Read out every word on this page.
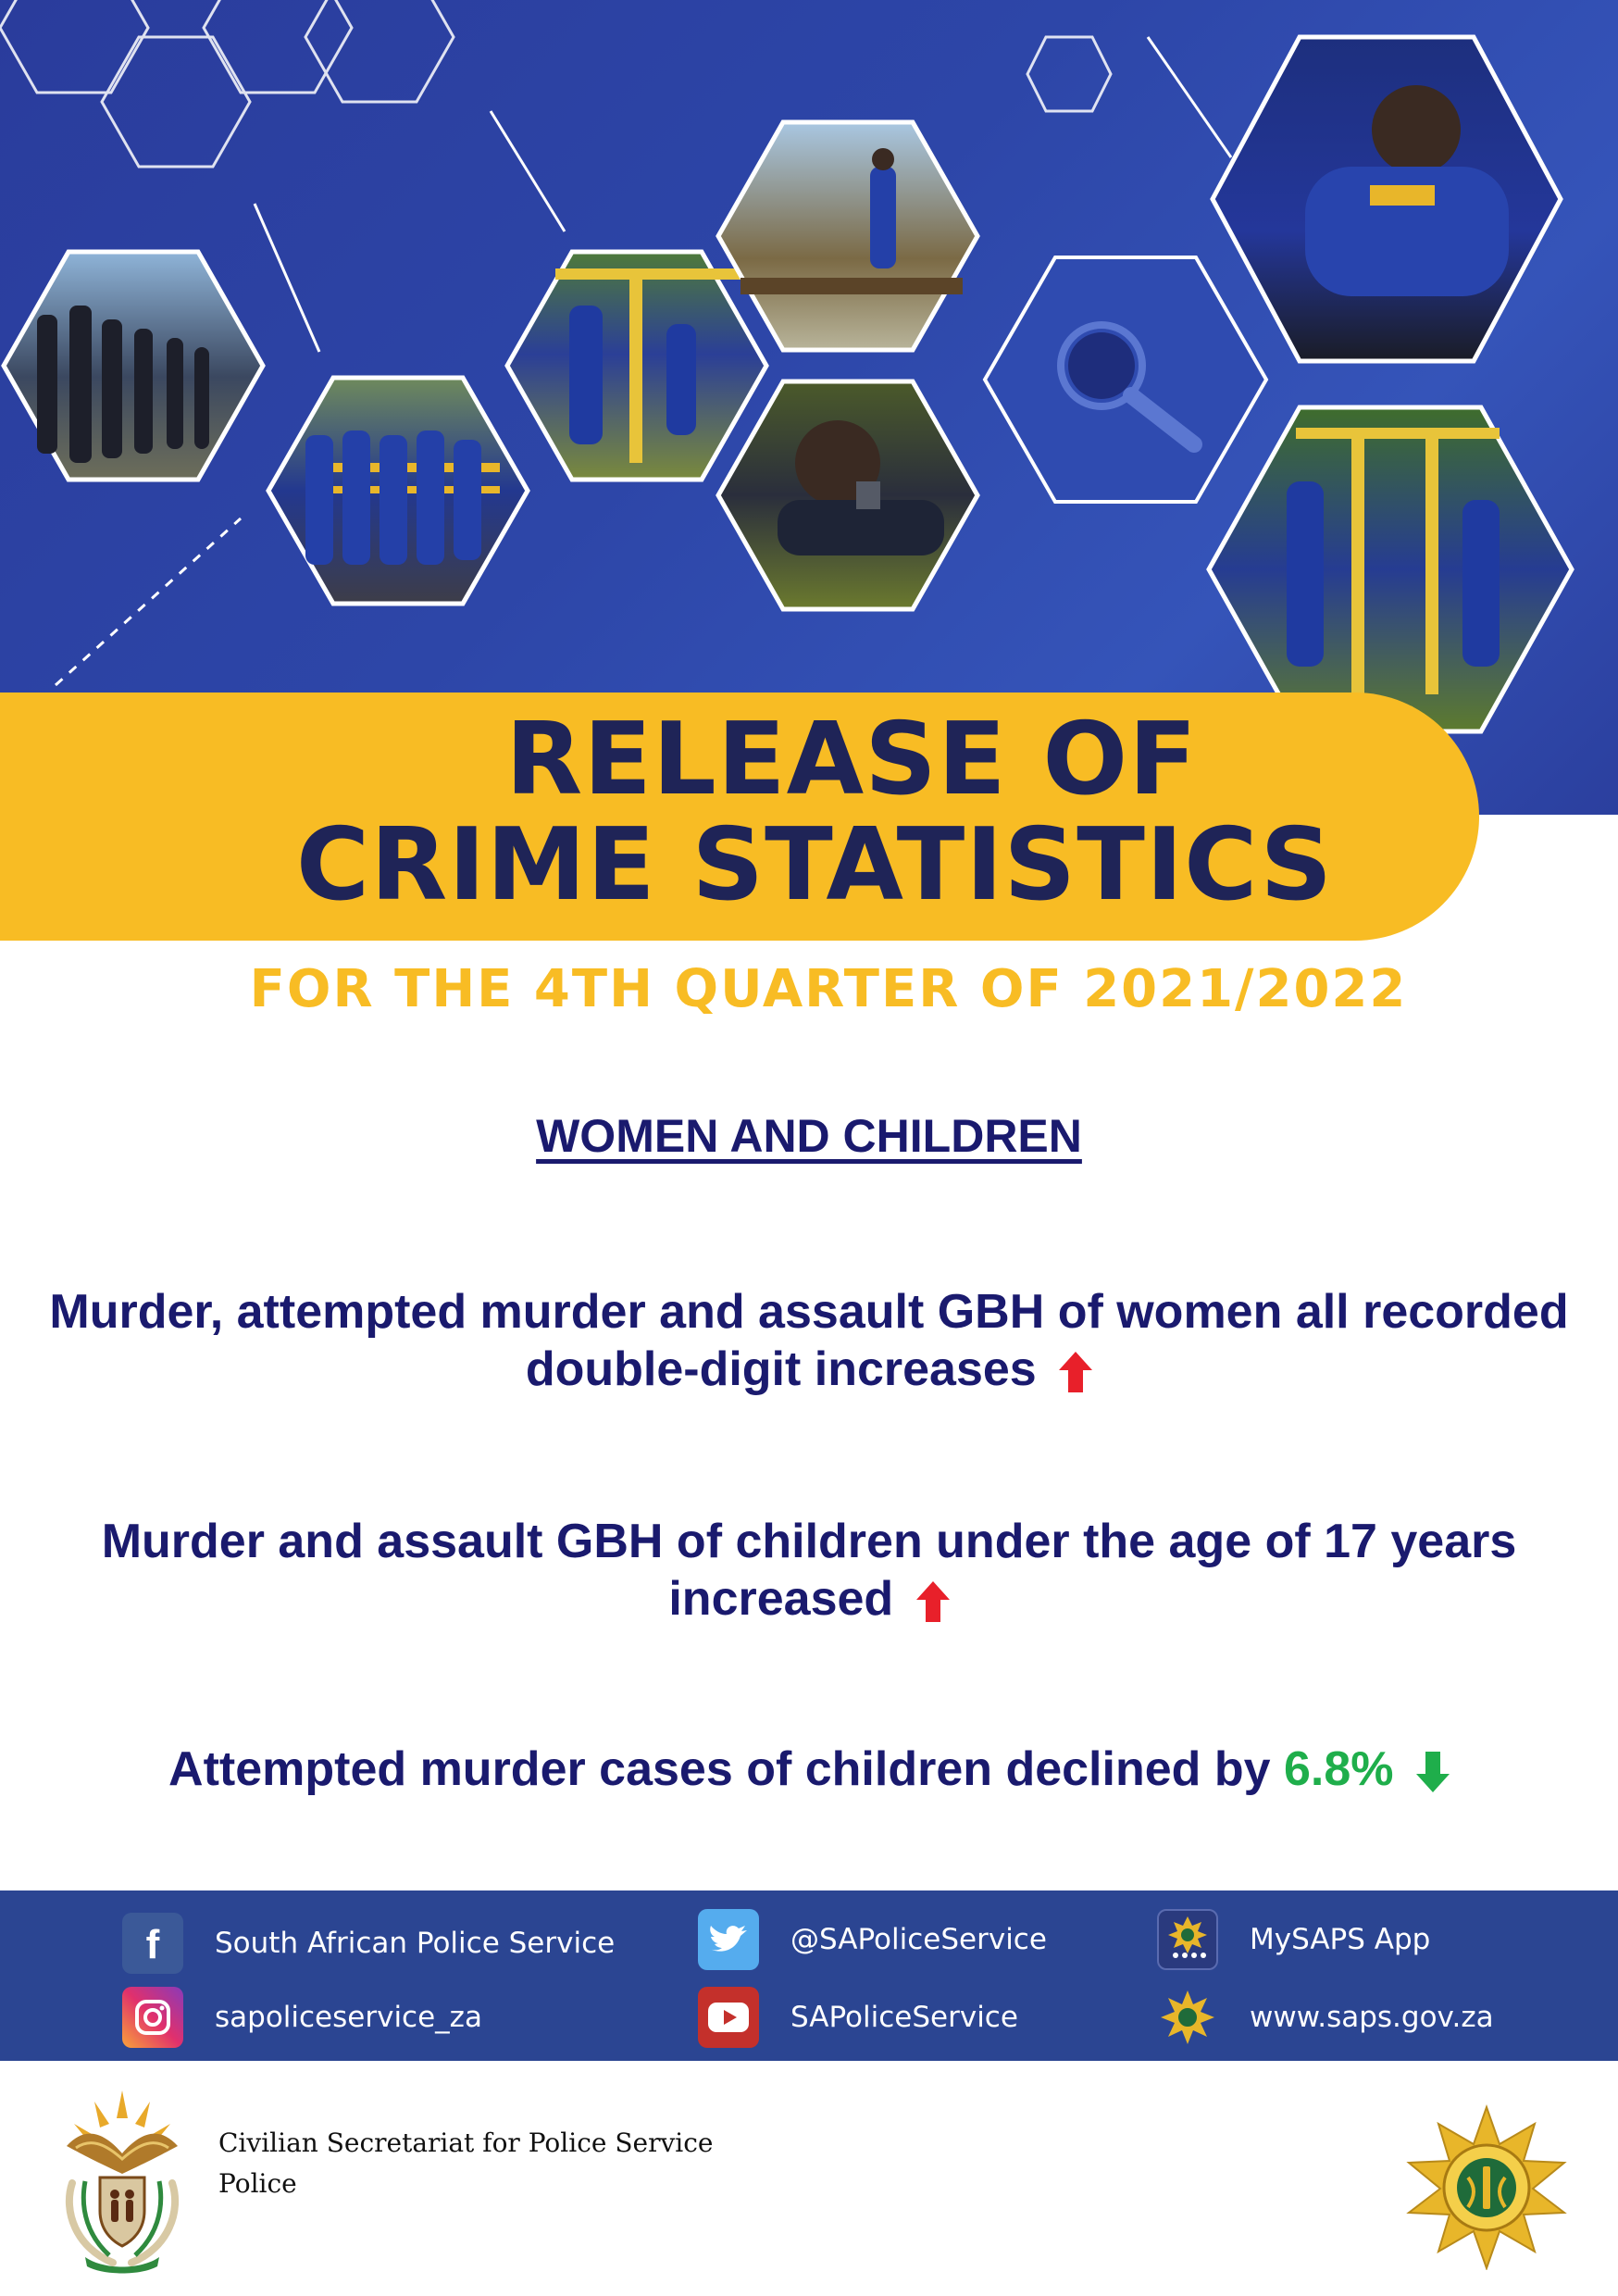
RELEASE OF
CRIME STATISTICS
FOR THE 4TH QUARTER OF 2021/2022
WOMEN AND CHILDREN
Murder, attempted murder and assault GBH of women all recorded
double-digit increases
Murder and assault GBH of children under the age of 17 years
increased
Attempted murder cases of children declined by 6.8%
f South African Police Service
sapoliceservice_za
@SAPoliceService
SAPoliceService
MySAPS App
www.saps.gov.za
Civilian Secretariat for Police Service
Police
